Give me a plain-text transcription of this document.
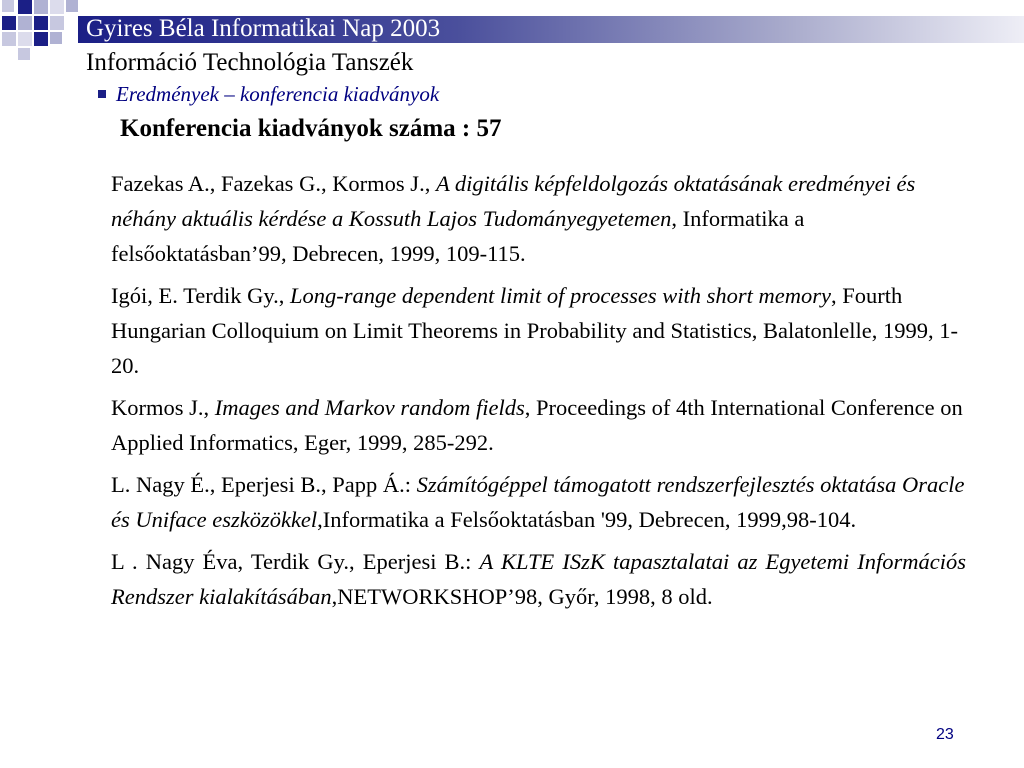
Gyires Béla Informatikai Nap 2003
Információ Technológia Tanszék
Eredmények – konferencia kiadványok
Konferencia kiadványok száma : 57

Fazekas A., Fazekas G., Kormos J., A digitális képfeldolgozás oktatásának eredményei és néhány aktuális kérdése a Kossuth Lajos Tudományegyetemen, Informatika a felsőoktatásban’99, Debrecen, 1999, 109-115.

Igói, E. Terdik Gy., Long-range dependent limit of processes with short memory, Fourth Hungarian Colloquium on Limit Theorems in Probability and Statistics, Balatonlelle, 1999, 1-20.

Kormos J., Images and Markov random fields, Proceedings of 4th International Conference on Applied Informatics, Eger, 1999, 285-292.

L. Nagy É., Eperjesi B., Papp Á.: Számítógéppel támogatott rendszerfejlesztés oktatása Oracle és Uniface eszközökkel,Informatika a Felsőoktatásban '99, Debrecen, 1999,98-104.

L . Nagy Éva, Terdik Gy., Eperjesi B.: A KLTE ISzK tapasztalatai az Egyetemi Információs Rendszer kialakításában,NETWORKSHOP’98, Győr, 1998, 8 old.

23
